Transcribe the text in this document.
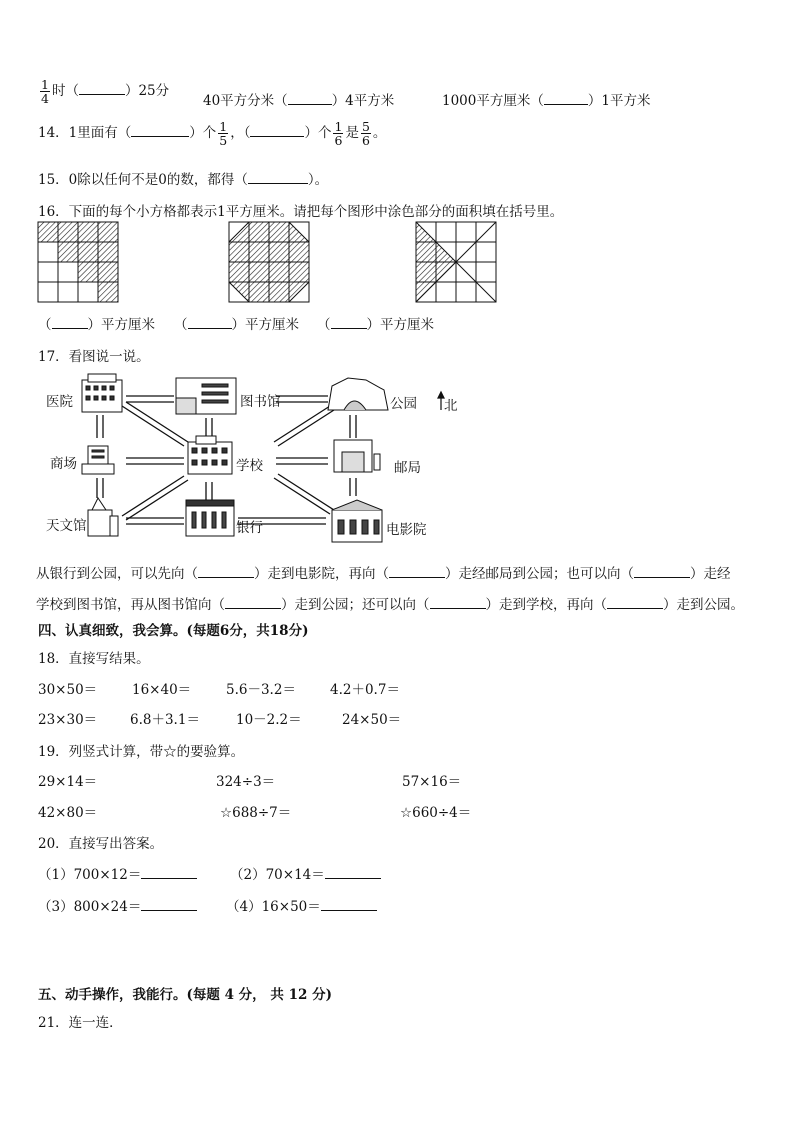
$\frac{1}{4}$ 时（	）25分
40平方分米（	）4平方米	1000平方厘米（	）1平方米
14．1里面有（	）个 $\frac{1}{5}$ ，（	）个 $\frac{1}{6}$ 是 $\frac{5}{6}$ 。
15．0除以任何不是0的数，都得（	）。
16．下面的每个小方格都表示1平方厘米。请把每个图形中涂色部分的面积填在括号里。
（	）平方厘米 （	）平方厘米 （	）平方厘米
17．看图说一说。
医院	图书馆	公园 北
商场	学校	邮局
天文馆	银行	电影院
从银行到公园，可以先向（	）走到电影院，再向（	）走经邮局到公园；也可以向（	）走经
学校到图书馆，再从图书馆向（	）走到公园；还可以向（	）走到学校，再向（	）走到公园。
四、认真细致，我会算。(每题6分，共18分)
18．直接写结果。
30×50＝	16×40＝	5.6－3.2＝	4.2＋0.7＝
23×30＝ 6.8＋3.1＝	10－2.2＝	24×50＝
19．列竖式计算，带☆的要验算。
29×14＝	324÷3＝	57×16＝
42×80＝	☆688÷7＝	☆660÷4＝
20．直接写出答案。
（1）700×12＝	（2）70×14＝
（3）800×24＝	（4）16×50＝
五、动手操作，我能行。(每题 4 分， 共 12 分)
21．连一连．
